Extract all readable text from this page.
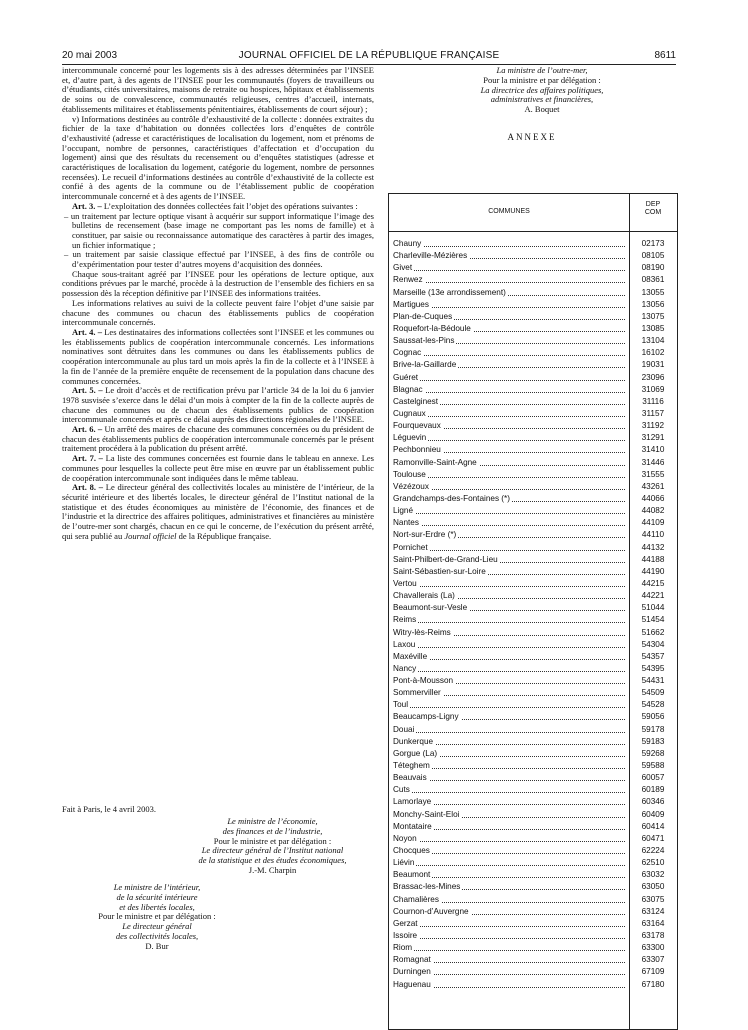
20 mai 2003	JOURNAL OFFICIEL DE LA RÉPUBLIQUE FRANÇAISE	8611

intercommunale concerné pour les logements sis à des adresses déterminées par l’INSEE et, d’autre part, à des agents de l’INSEE pour les communautés (foyers de travailleurs ou d’étudiants, cités universitaires, maisons de retraite ou hospices, hôpitaux et établissements de soins ou de convalescence, communautés religieuses, centres d’accueil, internats, établissements militaires et établissements pénitentiaires, établissements de court séjour) ;

v) Informations destinées au contrôle d’exhaustivité de la collecte : données extraites du fichier de la taxe d’habitation ou données collectées lors d’enquêtes de contrôle d’exhaustivité (adresse et caractéristiques de localisation du logement, nom et prénoms de l’occupant, nombre de personnes, caractéristiques d’affectation et d’occupation du logement) ainsi que des résultats du recensement ou d’enquêtes statistiques (adresse et caractéristiques de localisation du logement, catégorie du logement, nombre de personnes recensées). Le recueil d’informations destinées au contrôle d’exhaustivité de la collecte est confié à des agents de la commune ou de l’établissement public de coopération intercommunale concerné et à des agents de l’INSEE.

Art. 3. – L’exploitation des données collectées fait l’objet des opérations suivantes :

– un traitement par lecture optique visant à acquérir sur support informatique l’image des bulletins de recensement (base image ne comportant pas les noms de famille) et à constituer, par saisie ou reconnaissance automatique des caractères à partir des images, un fichier informatique ;
– un traitement par saisie classique effectué par l’INSEE, à des fins de contrôle ou d’expérimentation pour tester d’autres moyens d’acquisition des données.

Chaque sous-traitant agréé par l’INSEE pour les opérations de lecture optique, aux conditions prévues par le marché, procède à la destruction de l’ensemble des fichiers en sa possession dès la réception définitive par l’INSEE des informations traitées.

Les informations relatives au suivi de la collecte peuvent faire l’objet d’une saisie par chacune des communes ou chacun des établissements publics de coopération intercommunale concernés.

Art. 4. – Les destinataires des informations collectées sont l’INSEE et les communes ou les établissements publics de coopération intercommunale concernés. Les informations nominatives sont détruites dans les communes ou dans les établissements publics de coopération intercommunale au plus tard un mois après la fin de la collecte et à l’INSEE à la fin de l’année de la première enquête de recensement de la population dans chacune des communes concernées.

Art. 5. – Le droit d’accès et de rectification prévu par l’article 34 de la loi du 6 janvier 1978 susvisée s’exerce dans le délai d’un mois à compter de la fin de la collecte auprès de chacune des communes ou de chacun des établissements publics de coopération intercommunale concernés et après ce délai auprès des directions régionales de l’INSEE.

Art. 6. – Un arrêté des maires de chacune des communes concernées ou du président de chacun des établissements publics de coopération intercommunale concernés par le présent traitement procédera à la publication du présent arrêté.

Art. 7. – La liste des communes concernées est fournie dans le tableau en annexe. Les communes pour lesquelles la collecte peut être mise en œuvre par un établissement public de coopération intercommunale sont indiquées dans le même tableau.

Art. 8. – Le directeur général des collectivités locales au ministère de l’intérieur, de la sécurité intérieure et des libertés locales, le directeur général de l’Institut national de la statistique et des études économiques au ministère de l’économie, des finances et de l’industrie et la directrice des affaires politiques, administratives et financières au ministère de l’outre-mer sont chargés, chacun en ce qui le concerne, de l’exécution du présent arrêté, qui sera publié au Journal officiel de la République française.

Fait à Paris, le 4 avril 2003.
Le ministre de l’économie,
des finances et de l’industrie,
Pour le ministre et par délégation :
Le directeur général de l’Institut national
de la statistique et des études économiques,
J.-M. Charpin
Le ministre de l’intérieur,
de la sécurité intérieure
et des libertés locales,
Pour le ministre et par délégation :
Le directeur général
des collectivités locales,
D. Bur
La ministre de l’outre-mer,
Pour la ministre et par délégation :
La directrice des affaires politiques,
administratives et financières,
A. Boquet
ANNEXE
COMMUNES
DEP
COM
Chauny	02173
Charleville-Mézières	08105
Givet	08190
Renwez	08361
Marseille (13e arrondissement)	13055
Martigues	13056
Plan-de-Cuques	13075
Roquefort-la-Bédoule	13085
Saussat-les-Pins	13104
Cognac	16102
Brive-la-Gaillarde	19031
Guéret	23096
Blagnac	31069
Castelginest	31116
Cugnaux	31157
Fourquevaux	31192
Léguevin	31291
Pechbonnieu	31410
Ramonville-Saint-Agne	31446
Toulouse	31555
Vézézoux	43261
Grandchamps-des-Fontaines (*)	44066
Ligné	44082
Nantes	44109
Nort-sur-Erdre (*)	44110
Pornichet	44132
Saint-Philbert-de-Grand-Lieu	44188
Saint-Sébastien-sur-Loire	44190
Vertou	44215
Chavallerais (La)	44221
Beaumont-sur-Vesle	51044
Reims	51454
Witry-lès-Reims	51662
Laxou	54304
Maxéville	54357
Nancy	54395
Pont-à-Mousson	54431
Sommerviller	54509
Toul	54528
Beaucamps-Ligny	59056
Douai	59178
Dunkerque	59183
Gorgue (La)	59268
Téteghem	59588
Beauvais	60057
Cuts	60189
Lamorlaye	60346
Monchy-Saint-Eloi	60409
Montataire	60414
Noyon	60471
Chocques	62224
Liévin	62510
Beaumont	63032
Brassac-les-Mines	63050
Chamalières	63075
Cournon-d’Auvergne	63124
Gerzat	63164
Issoire	63178
Riom	63300
Romagnat	63307
Durningen	67109
Haguenau	67180
